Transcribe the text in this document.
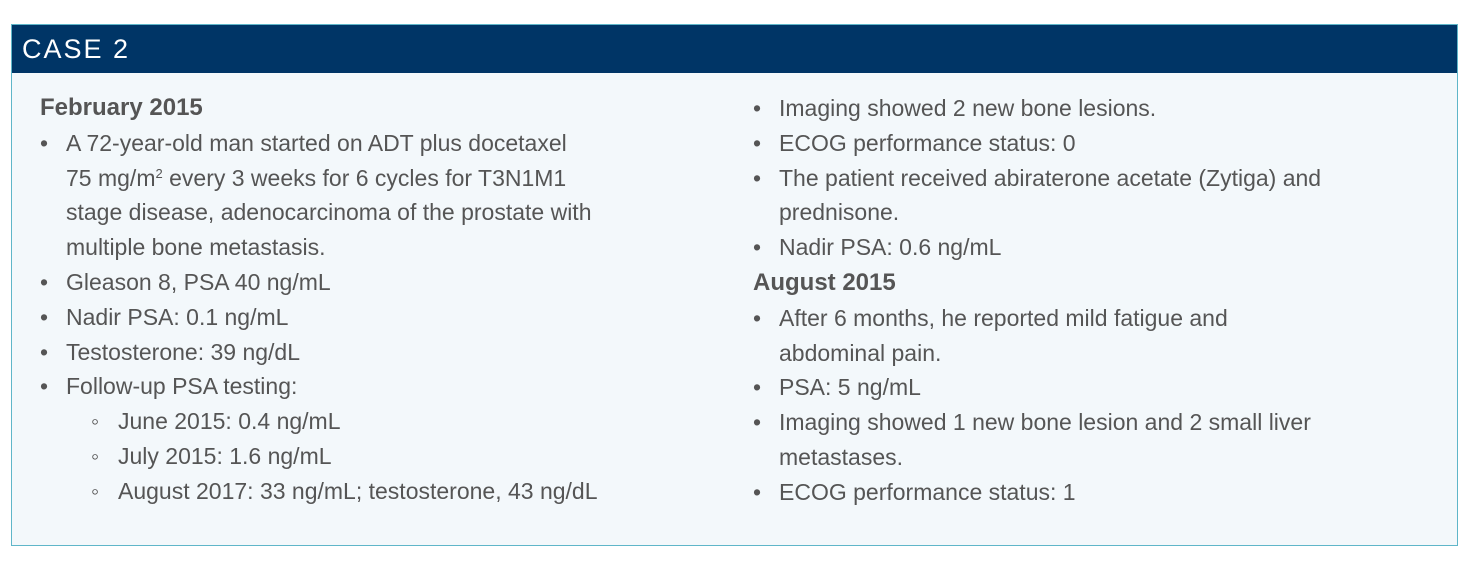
CASE 2
February 2015
• A 72-year-old man started on ADT plus docetaxel
75 $mg/m^2$ every 3 weeks for 6 cycles for T3N1M1
stage disease, adenocarcinoma of the prostate with
multiple bone metastasis.
• Gleason 8, PSA 40 ng/mL
• Nadir PSA: 0.1 ng/mL
• Testosterone: 39 ng/dL
• Follow-up PSA testing:
◦ June 2015: 0.4 ng/mL
◦ July 2015: 1.6 ng/mL
◦ August 2017: 33 ng/mL; testosterone, 43 ng/dL
• Imaging showed 2 new bone lesions.
• ECOG performance status: 0
• The patient received abiraterone acetate (Zytiga) and
prednisone.
• Nadir PSA: 0.6 ng/mL
August 2015
• After 6 months, he reported mild fatigue and
abdominal pain.
• PSA: 5 ng/mL
• Imaging showed 1 new bone lesion and 2 small liver
metastases.
• ECOG performance status: 1
